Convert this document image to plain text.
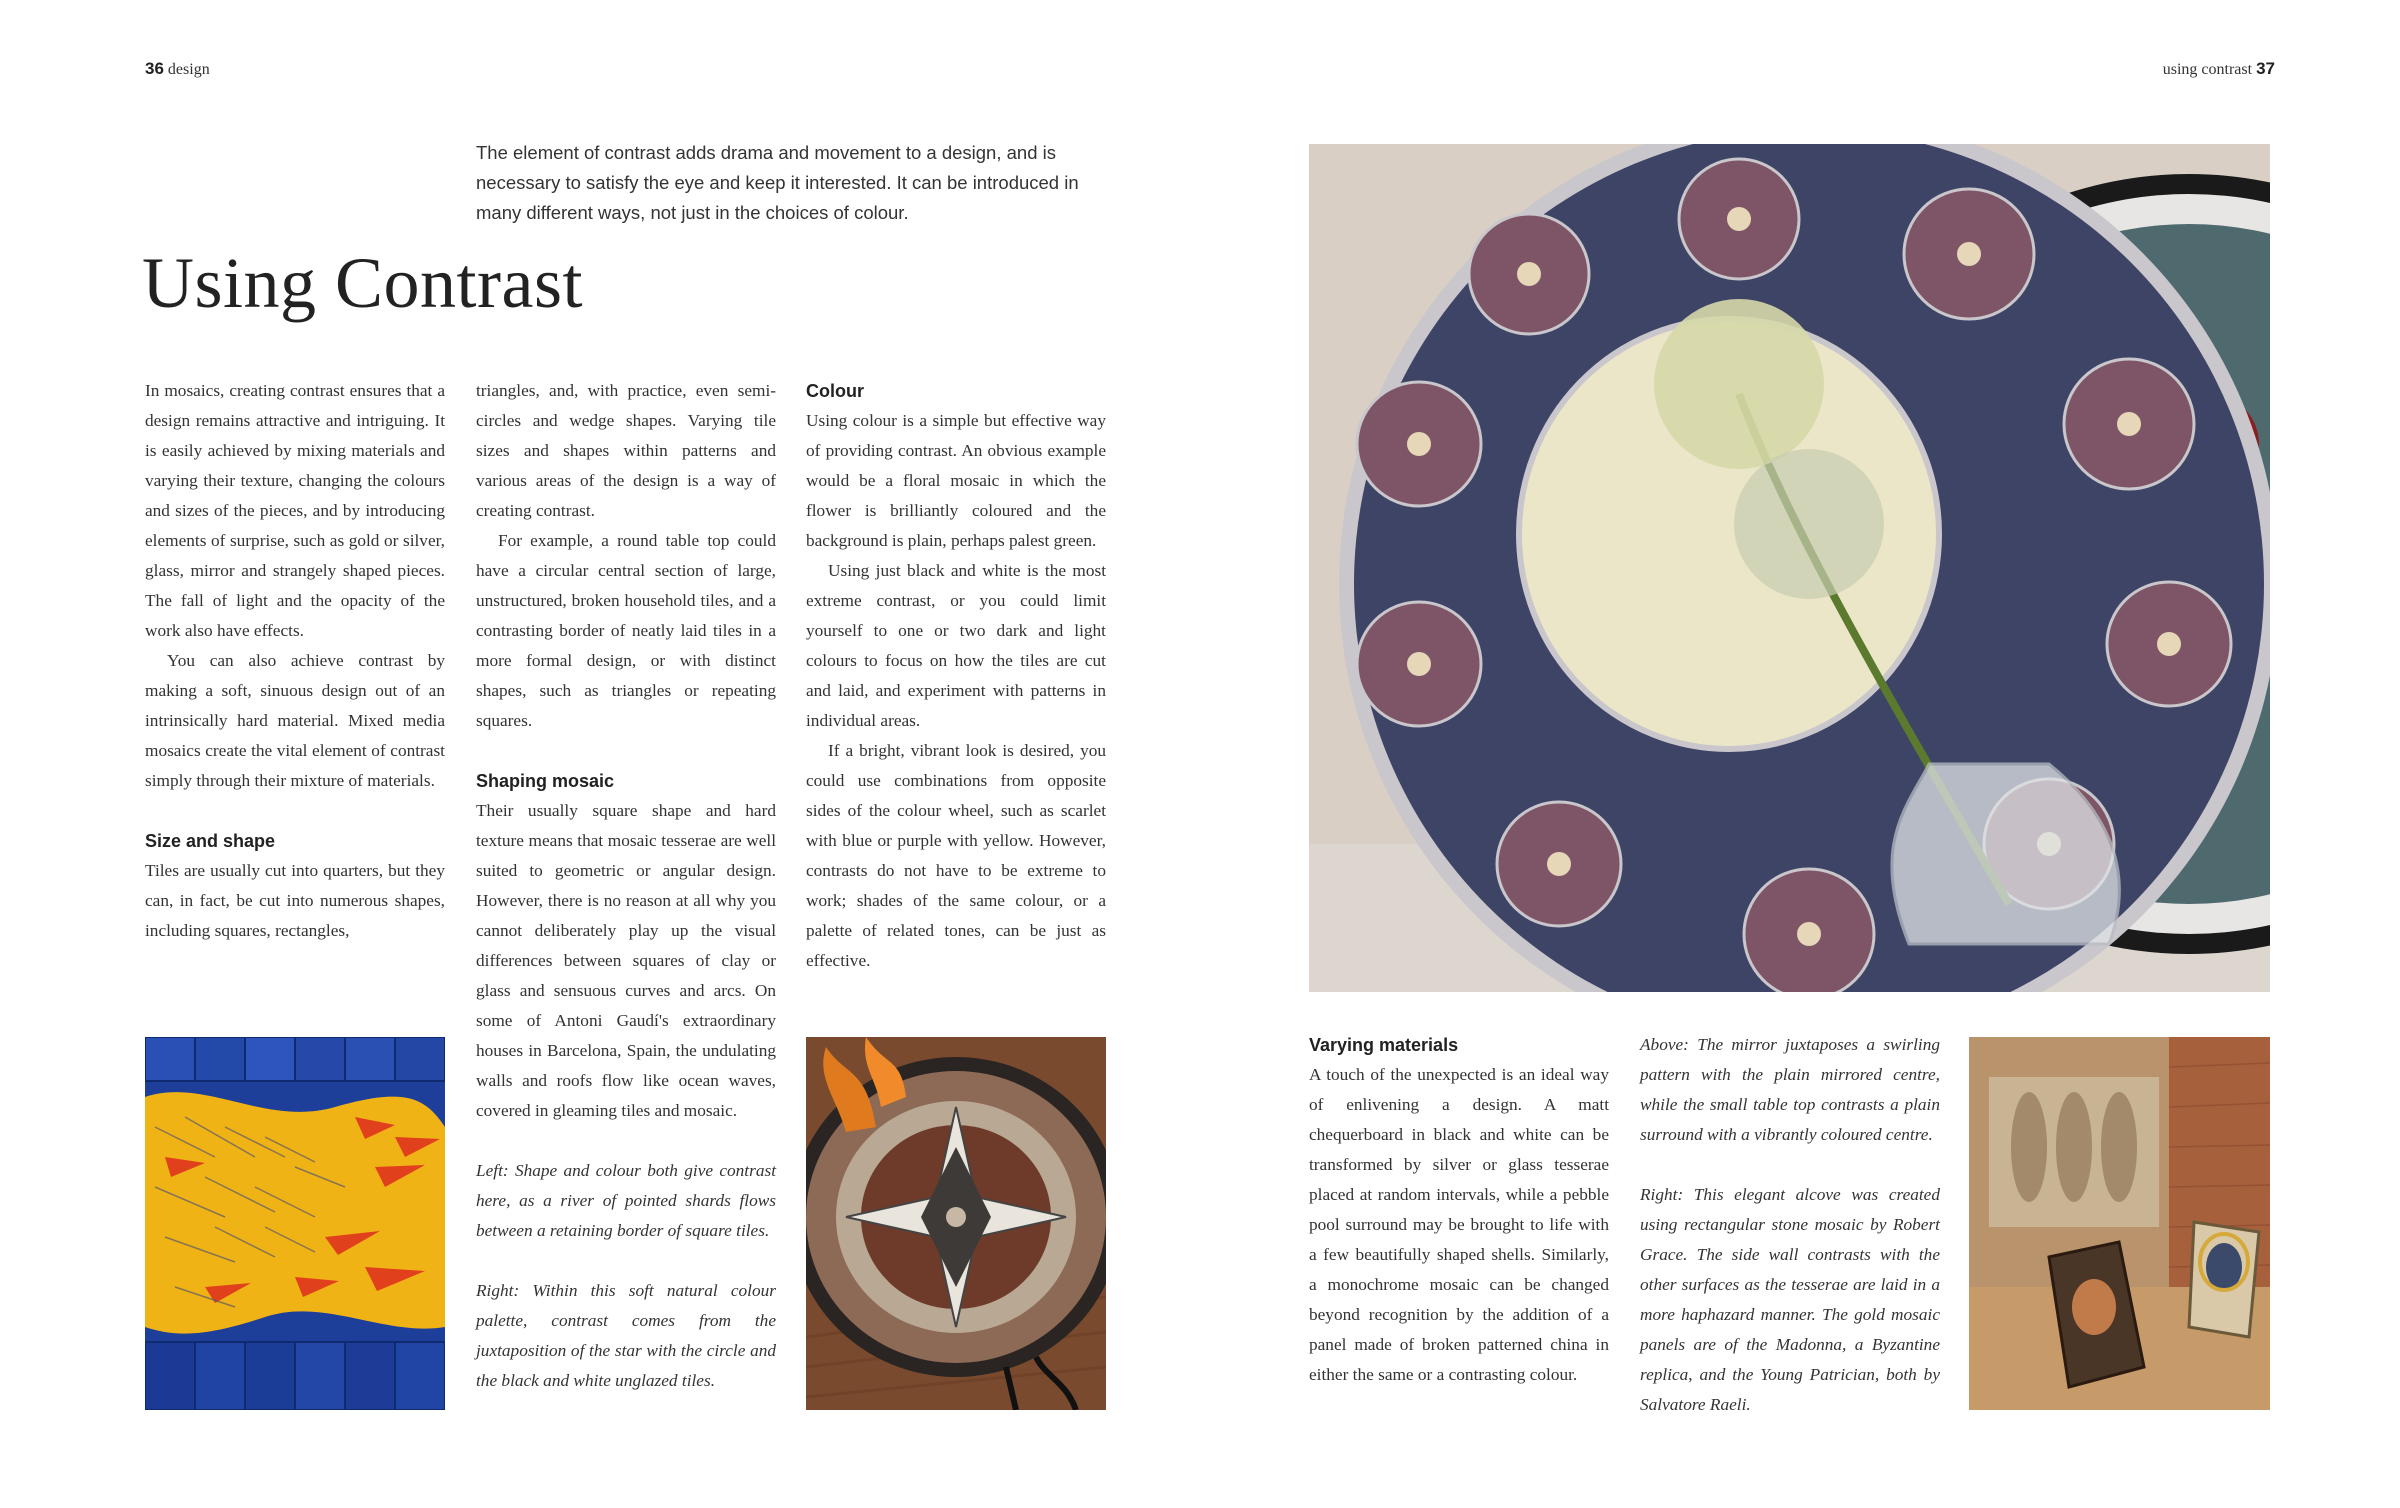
36 design	using contrast 37
The element of contrast adds drama and movement to a design, and is necessary to satisfy the eye and keep it interested. It can be introduced in many different ways, not just in the choices of colour.
Using Contrast

In mosaics, creating contrast ensures that a design remains attractive and intriguing. It is easily achieved by mixing materials and varying their texture, changing the colours and sizes of the pieces, and by introducing elements of surprise, such as gold or silver, glass, mirror and strangely shaped pieces. The fall of light and the opacity of the work also have effects.

You can also achieve contrast by making a soft, sinuous design out of an intrinsically hard material. Mixed media mosaics create the vital element of contrast simply through their mixture of materials.

Size and shape

Tiles are usually cut into quarters, but they can, in fact, be cut into numerous shapes, including squares, rectangles,

triangles, and, with practice, even semi-circles and wedge shapes. Varying tile sizes and shapes within patterns and various areas of the design is a way of creating contrast.

For example, a round table top could have a circular central section of large, unstructured, broken household tiles, and a contrasting border of neatly laid tiles in a more formal design, or with distinct shapes, such as triangles or repeating squares.

Shaping mosaic

Their usually square shape and hard texture means that mosaic tesserae are well suited to geometric or angular design. However, there is no reason at all why you cannot deliberately play up the visual differences between squares of clay or glass and sensuous curves and arcs. On some of Antoni Gaudí's extraordinary houses in Barcelona, Spain, the undulating walls and roofs flow like ocean waves, covered in gleaming tiles and mosaic.

Left: Shape and colour both give contrast here, as a river of pointed shards flows between a retaining border of square tiles.

Right: Within this soft natural colour palette, contrast comes from the juxtaposition of the star with the circle and the black and white unglazed tiles.

Colour

Using colour is a simple but effective way of providing contrast. An obvious example would be a floral mosaic in which the flower is brilliantly coloured and the background is plain, perhaps palest green.

Using just black and white is the most extreme contrast, or you could limit yourself to one or two dark and light colours to focus on how the tiles are cut and laid, and experiment with patterns in individual areas.

If a bright, vibrant look is desired, you could use combinations from opposite sides of the colour wheel, such as scarlet with blue or purple with yellow. However, contrasts do not have to be extreme to work; shades of the same colour, or a palette of related tones, can be just as effective.

Varying materials

A touch of the unexpected is an ideal way of enlivening a design. A matt chequerboard in black and white can be transformed by silver or glass tesserae placed at random intervals, while a pebble pool surround may be brought to life with a few beautifully shaped shells. Similarly, a monochrome mosaic can be changed beyond recognition by the addition of a panel made of broken patterned china in either the same or a contrasting colour.

Above: The mirror juxtaposes a swirling pattern with the plain mirrored centre, while the small table top contrasts a plain surround with a vibrantly coloured centre.

Right: This elegant alcove was created using rectangular stone mosaic by Robert Grace. The side wall contrasts with the other surfaces as the tesserae are laid in a more haphazard manner. The gold mosaic panels are of the Madonna, a Byzantine replica, and the Young Patrician, both by Salvatore Raeli.
